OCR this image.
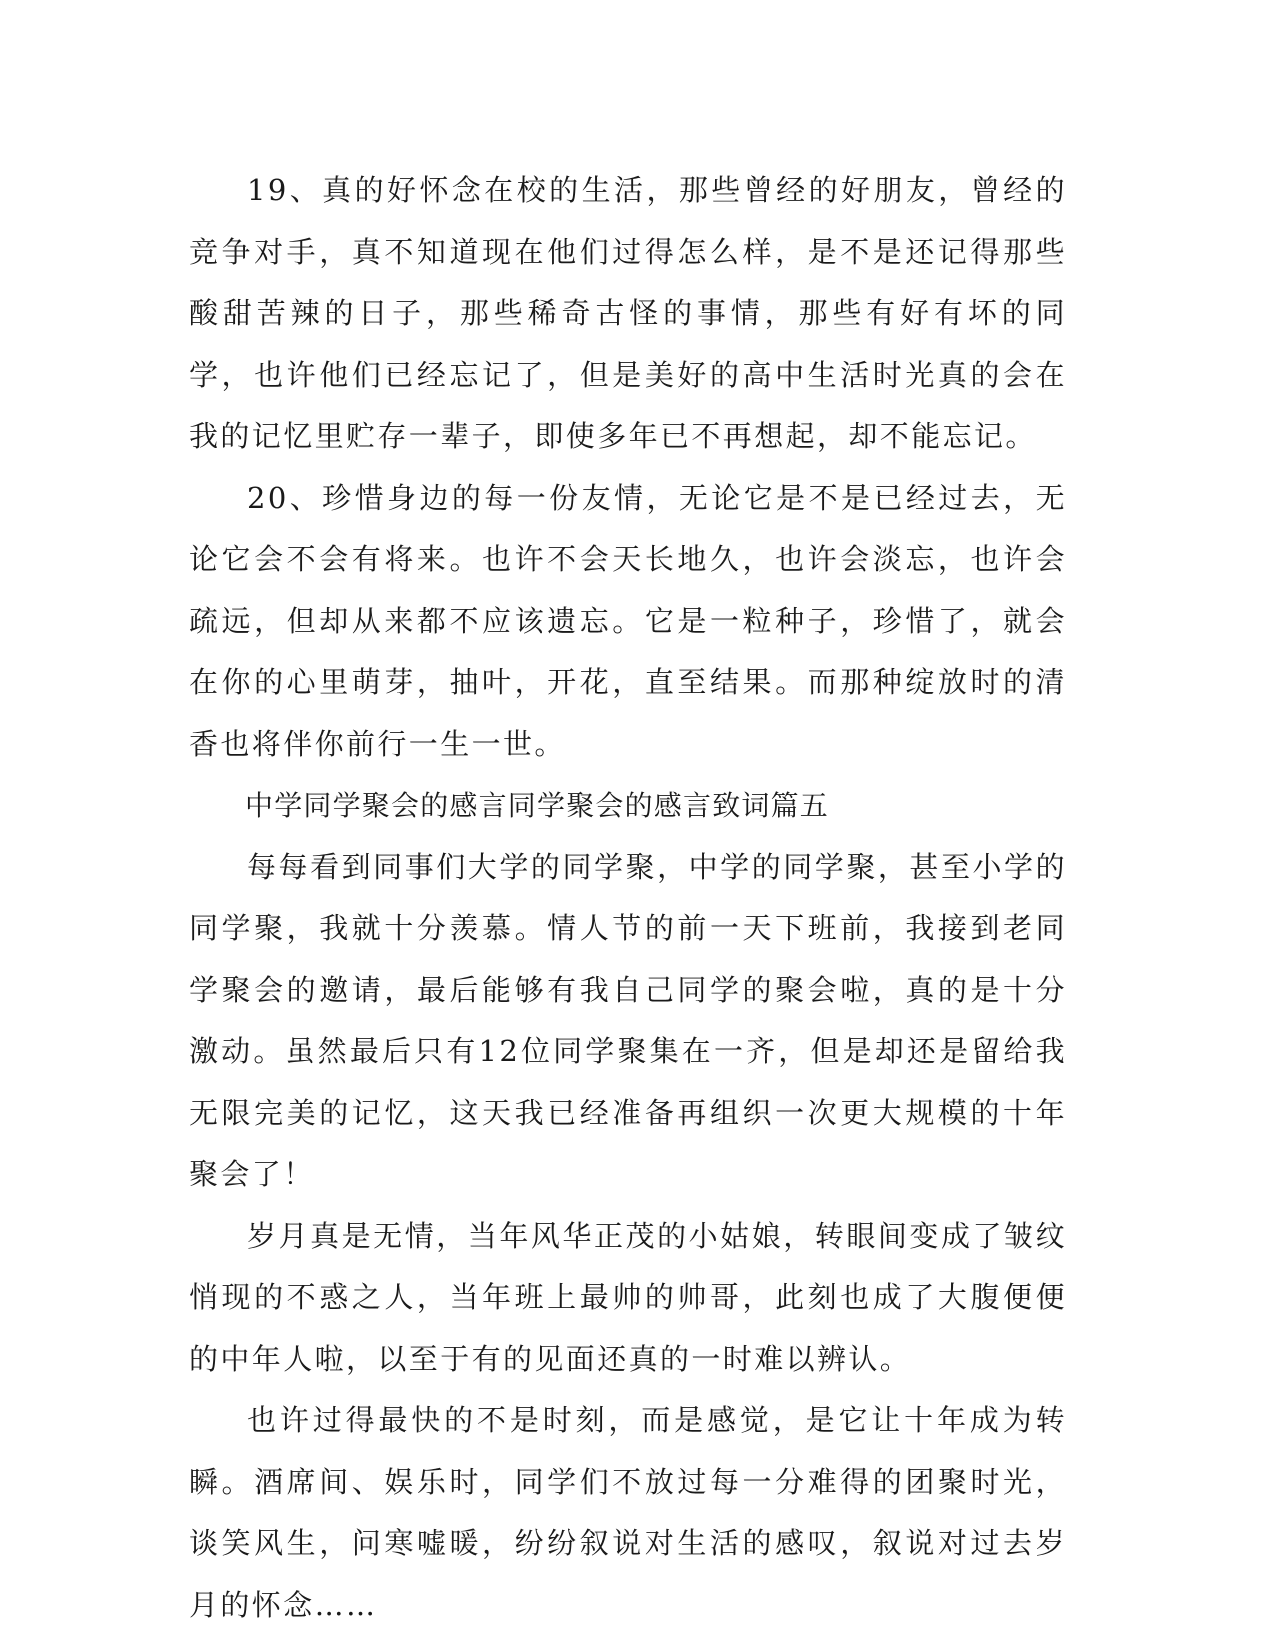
19、真的好怀念在校的生活，那些曾经的好朋友，曾经的竞争对手，真不知道现在他们过得怎么样，是不是还记得那些酸甜苦辣的日子，那些稀奇古怪的事情，那些有好有坏的同学，也许他们已经忘记了，但是美好的高中生活时光真的会在我的记忆里贮存一辈子，即使多年已不再想起，却不能忘记。

20、珍惜身边的每一份友情，无论它是不是已经过去，无论它会不会有将来。也许不会天长地久，也许会淡忘，也许会疏远，但却从来都不应该遗忘。它是一粒种子，珍惜了，就会在你的心里萌芽，抽叶，开花，直至结果。而那种绽放时的清香也将伴你前行一生一世。

中学同学聚会的感言同学聚会的感言致词篇五

每每看到同事们大学的同学聚，中学的同学聚，甚至小学的同学聚，我就十分羡慕。情人节的前一天下班前，我接到老同学聚会的邀请，最后能够有我自己同学的聚会啦，真的是十分激动。虽然最后只有12位同学聚集在一齐，但是却还是留给我无限完美的记忆，这天我已经准备再组织一次更大规模的十年聚会了！

岁月真是无情，当年风华正茂的小姑娘，转眼间变成了皱纹悄现的不惑之人，当年班上最帅的帅哥，此刻也成了大腹便便的中年人啦，以至于有的见面还真的一时难以辨认。

也许过得最快的不是时刻，而是感觉，是它让十年成为转瞬。酒席间、娱乐时，同学们不放过每一分难得的团聚时光，谈笑风生，问寒嘘暖，纷纷叙说对生活的感叹，叙说对过去岁月的怀念……
